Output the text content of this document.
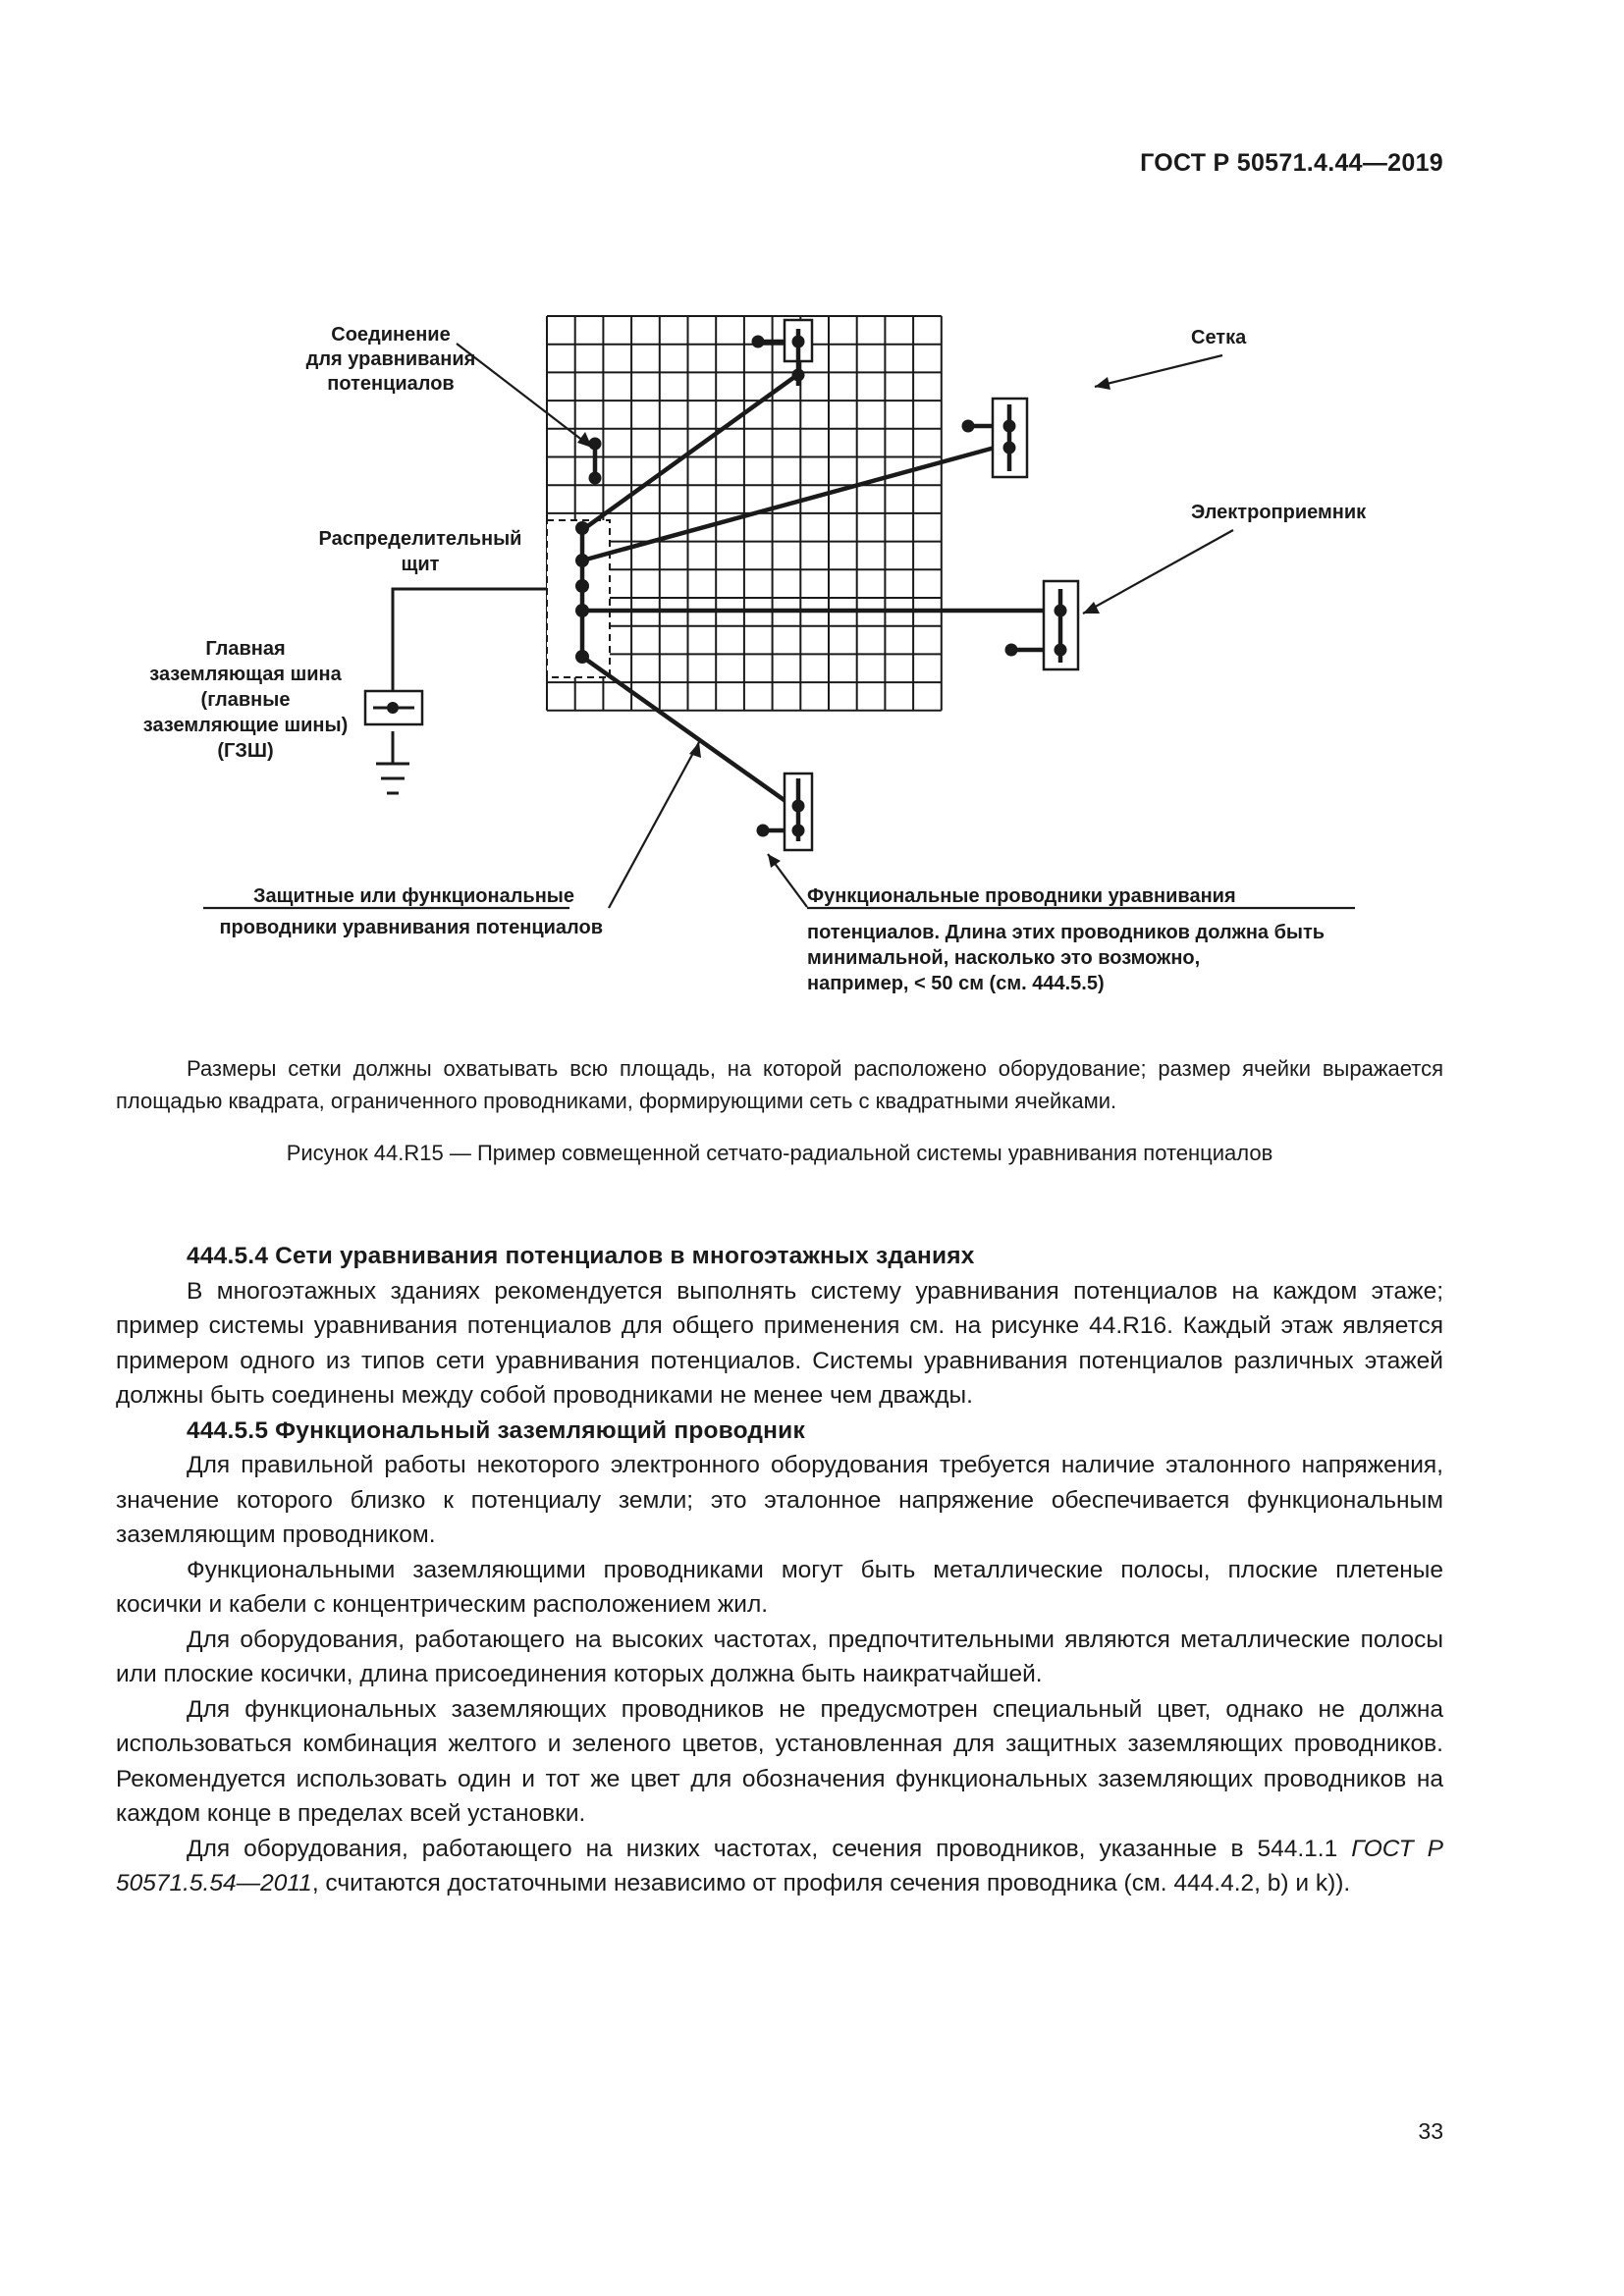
ГОСТ Р 50571.4.44—2019
Соединение
для уравнивания
потенциалов
Распределительный
щит
Главная
заземляющая шина
(главные
заземляющие шины)
(ГЗШ)
Сетка
Электроприемник
Защитные или функциональные
проводники уравнивания потенциалов
Функциональные проводники уравнивания
потенциалов. Длина этих проводников должна быть
минимальной, насколько это возможно,
например, < 50 см (см. 444.5.5)
Размеры сетки должны охватывать всю площадь, на которой расположено оборудование; размер ячейки выражается площадью квадрата, ограниченного проводниками, формирующими сеть с квадратными ячейками.
Рисунок 44.R15 — Пример совмещенной сетчато-радиальной системы уравнивания потенциалов
444.5.4 Сети уравнивания потенциалов в многоэтажных зданиях

В многоэтажных зданиях рекомендуется выполнять систему уравнивания потенциалов на каждом этаже; пример системы уравнивания потенциалов для общего применения см. на рисунке 44.R16. Каждый этаж является примером одного из типов сети уравнивания потенциалов. Системы уравнивания потенциалов различных этажей должны быть соединены между собой проводниками не менее чем дважды.

444.5.5 Функциональный заземляющий проводник

Для правильной работы некоторого электронного оборудования требуется наличие эталонного напряжения, значение которого близко к потенциалу земли; это эталонное напряжение обеспечивается функциональным заземляющим проводником.

Функциональными заземляющими проводниками могут быть металлические полосы, плоские плетеные косички и кабели с концентрическим расположением жил.

Для оборудования, работающего на высоких частотах, предпочтительными являются металлические полосы или плоские косички, длина присоединения которых должна быть наикратчайшей.

Для функциональных заземляющих проводников не предусмотрен специальный цвет, однако не должна использоваться комбинация желтого и зеленого цветов, установленная для защитных заземляющих проводников. Рекомендуется использовать один и тот же цвет для обозначения функциональных заземляющих проводников на каждом конце в пределах всей установки.

Для оборудования, работающего на низких частотах, сечения проводников, указанные в 544.1.1 ГОСТ Р 50571.5.54—2011, считаются достаточными независимо от профиля сечения проводника (см. 444.4.2, b) и k)).

33
